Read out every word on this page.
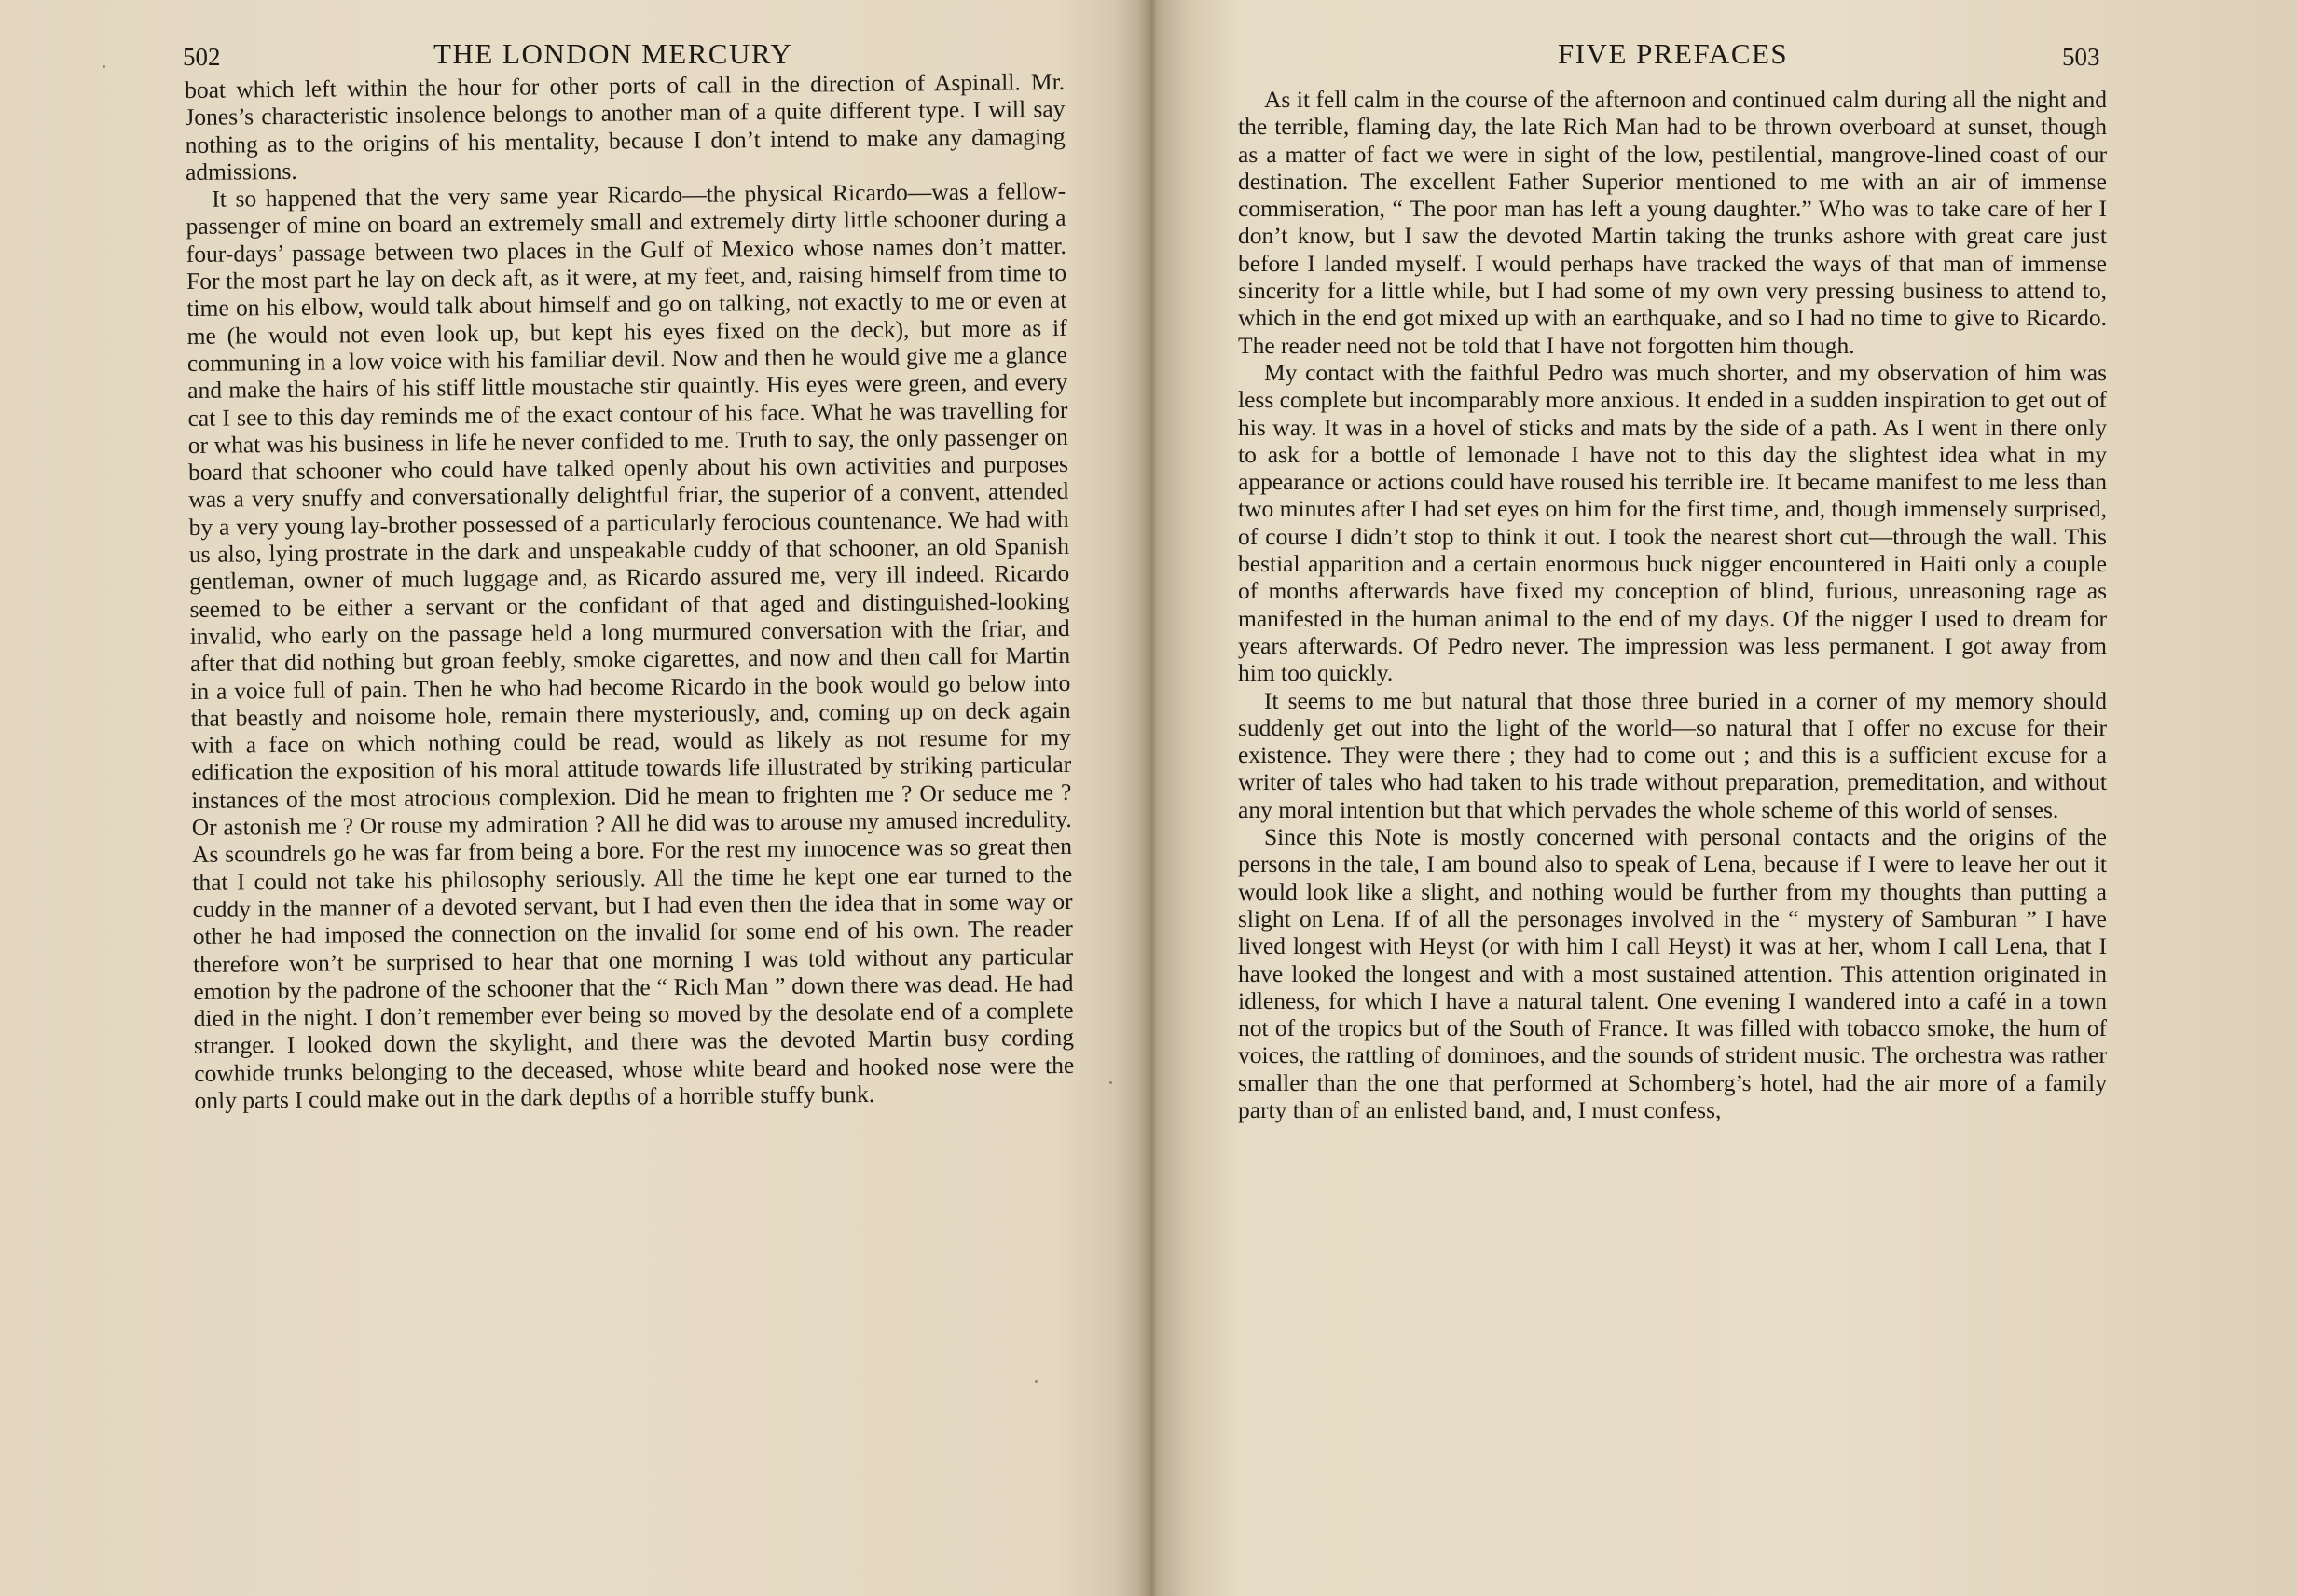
502	THE LONDON MERCURY

boat which left within the hour for other ports of call in the direction of Aspinall. Mr. Jones’s characteristic insolence belongs to another man of a quite different type. I will say nothing as to the origins of his mentality, because I don’t intend to make any damaging admissions.

It so happened that the very same year Ricardo—the physical Ricardo—was a fellow-passenger of mine on board an extremely small and extremely dirty little schooner during a four-days’ passage between two places in the Gulf of Mexico whose names don’t matter. For the most part he lay on deck aft, as it were, at my feet, and, raising himself from time to time on his elbow, would talk about himself and go on talking, not exactly to me or even at me (he would not even look up, but kept his eyes fixed on the deck), but more as if communing in a low voice with his familiar devil. Now and then he would give me a glance and make the hairs of his stiff little moustache stir quaintly. His eyes were green, and every cat I see to this day reminds me of the exact contour of his face. What he was travelling for or what was his business in life he never confided to me. Truth to say, the only passenger on board that schooner who could have talked openly about his own activities and purposes was a very snuffy and conversationally delightful friar, the superior of a convent, attended by a very young lay-brother possessed of a particularly ferocious countenance. We had with us also, lying prostrate in the dark and unspeakable cuddy of that schooner, an old Spanish gentleman, owner of much luggage and, as Ricardo assured me, very ill indeed. Ricardo seemed to be either a servant or the confidant of that aged and distinguished-looking invalid, who early on the passage held a long murmured conversation with the friar, and after that did nothing but groan feebly, smoke cigarettes, and now and then call for Martin in a voice full of pain. Then he who had become Ricardo in the book would go below into that beastly and noisome hole, remain there mysteriously, and, coming up on deck again with a face on which nothing could be read, would as likely as not resume for my edification the exposition of his moral attitude towards life illustrated by striking particular instances of the most atrocious complexion. Did he mean to frighten me ? Or seduce me ? Or astonish me ? Or rouse my admiration ? All he did was to arouse my amused incredulity. As scoundrels go he was far from being a bore. For the rest my innocence was so great then that I could not take his philosophy seriously. All the time he kept one ear turned to the cuddy in the manner of a devoted servant, but I had even then the idea that in some way or other he had imposed the connection on the invalid for some end of his own. The reader therefore won’t be surprised to hear that one morning I was told without any particular emotion by the padrone of the schooner that the “ Rich Man ” down there was dead. He had died in the night. I don’t remember ever being so moved by the desolate end of a complete stranger. I looked down the skylight, and there was the devoted Martin busy cording cowhide trunks belonging to the deceased, whose white beard and hooked nose were the only parts I could make out in the dark depths of a horrible stuffy bunk.

FIVE PREFACES	503

As it fell calm in the course of the afternoon and continued calm during all the night and the terrible, flaming day, the late Rich Man had to be thrown overboard at sunset, though as a matter of fact we were in sight of the low, pestilential, mangrove-lined coast of our destination. The excellent Father Superior mentioned to me with an air of immense commiseration, “ The poor man has left a young daughter.” Who was to take care of her I don’t know, but I saw the devoted Martin taking the trunks ashore with great care just before I landed myself. I would perhaps have tracked the ways of that man of immense sincerity for a little while, but I had some of my own very pressing business to attend to, which in the end got mixed up with an earthquake, and so I had no time to give to Ricardo. The reader need not be told that I have not forgotten him though.

My contact with the faithful Pedro was much shorter, and my observation of him was less complete but incomparably more anxious. It ended in a sudden inspiration to get out of his way. It was in a hovel of sticks and mats by the side of a path. As I went in there only to ask for a bottle of lemonade I have not to this day the slightest idea what in my appearance or actions could have roused his terrible ire. It became manifest to me less than two minutes after I had set eyes on him for the first time, and, though immensely surprised, of course I didn’t stop to think it out. I took the nearest short cut—through the wall. This bestial apparition and a certain enormous buck nigger encountered in Haiti only a couple of months afterwards have fixed my conception of blind, furious, unreasoning rage as manifested in the human animal to the end of my days. Of the nigger I used to dream for years afterwards. Of Pedro never. The impression was less permanent. I got away from him too quickly.

It seems to me but natural that those three buried in a corner of my memory should suddenly get out into the light of the world—so natural that I offer no excuse for their existence. They were there ; they had to come out ; and this is a sufficient excuse for a writer of tales who had taken to his trade without preparation, premeditation, and without any moral intention but that which pervades the whole scheme of this world of senses.

Since this Note is mostly concerned with personal contacts and the origins of the persons in the tale, I am bound also to speak of Lena, because if I were to leave her out it would look like a slight, and nothing would be further from my thoughts than putting a slight on Lena. If of all the personages involved in the “ mystery of Samburan ” I have lived longest with Heyst (or with him I call Heyst) it was at her, whom I call Lena, that I have looked the longest and with a most sustained attention. This attention originated in idleness, for which I have a natural talent. One evening I wandered into a café in a town not of the tropics but of the South of France. It was filled with tobacco smoke, the hum of voices, the rattling of dominoes, and the sounds of strident music. The orchestra was rather smaller than the one that performed at Schomberg’s hotel, had the air more of a family party than of an enlisted band, and, I must confess,
